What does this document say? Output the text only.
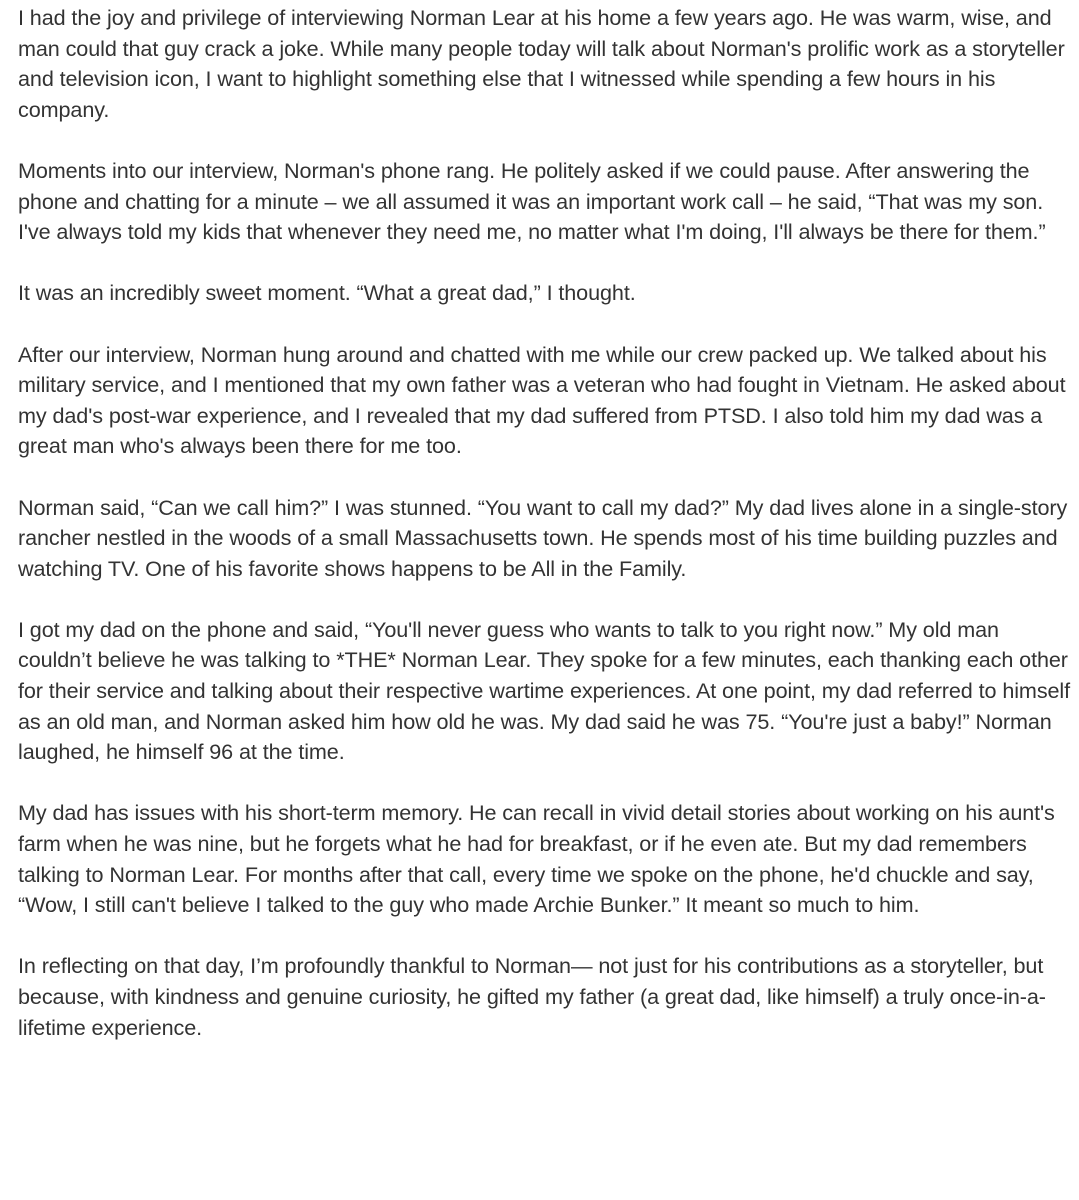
I had the joy and privilege of interviewing Norman Lear at his home a few years ago. He was warm, wise, and man could that guy crack a joke. While many people today will talk about Norman's prolific work as a storyteller and television icon, I want to highlight something else that I witnessed while spending a few hours in his company.

Moments into our interview, Norman's phone rang. He politely asked if we could pause. After answering the phone and chatting for a minute – we all assumed it was an important work call – he said, “That was my son. I've always told my kids that whenever they need me, no matter what I'm doing, I'll always be there for them.”

It was an incredibly sweet moment. “What a great dad,” I thought.

After our interview, Norman hung around and chatted with me while our crew packed up. We talked about his military service, and I mentioned that my own father was a veteran who had fought in Vietnam. He asked about my dad's post-war experience, and I revealed that my dad suffered from PTSD. I also told him my dad was a great man who's always been there for me too.

Norman said, “Can we call him?” I was stunned. “You want to call my dad?” My dad lives alone in a single-story rancher nestled in the woods of a small Massachusetts town. He spends most of his time building puzzles and watching TV. One of his favorite shows happens to be All in the Family.

I got my dad on the phone and said, “You'll never guess who wants to talk to you right now.” My old man couldn’t believe he was talking to *THE* Norman Lear. They spoke for a few minutes, each thanking each other for their service and talking about their respective wartime experiences. At one point, my dad referred to himself as an old man, and Norman asked him how old he was. My dad said he was 75. “You're just a baby!” Norman laughed, he himself 96 at the time.

My dad has issues with his short-term memory. He can recall in vivid detail stories about working on his aunt's farm when he was nine, but he forgets what he had for breakfast, or if he even ate. But my dad remembers talking to Norman Lear. For months after that call, every time we spoke on the phone, he'd chuckle and say, “Wow, I still can't believe I talked to the guy who made Archie Bunker.” It meant so much to him.

In reflecting on that day, I’m profoundly thankful to Norman— not just for his contributions as a storyteller, but because, with kindness and genuine curiosity, he gifted my father (a great dad, like himself) a truly once-in-a-lifetime experience.
